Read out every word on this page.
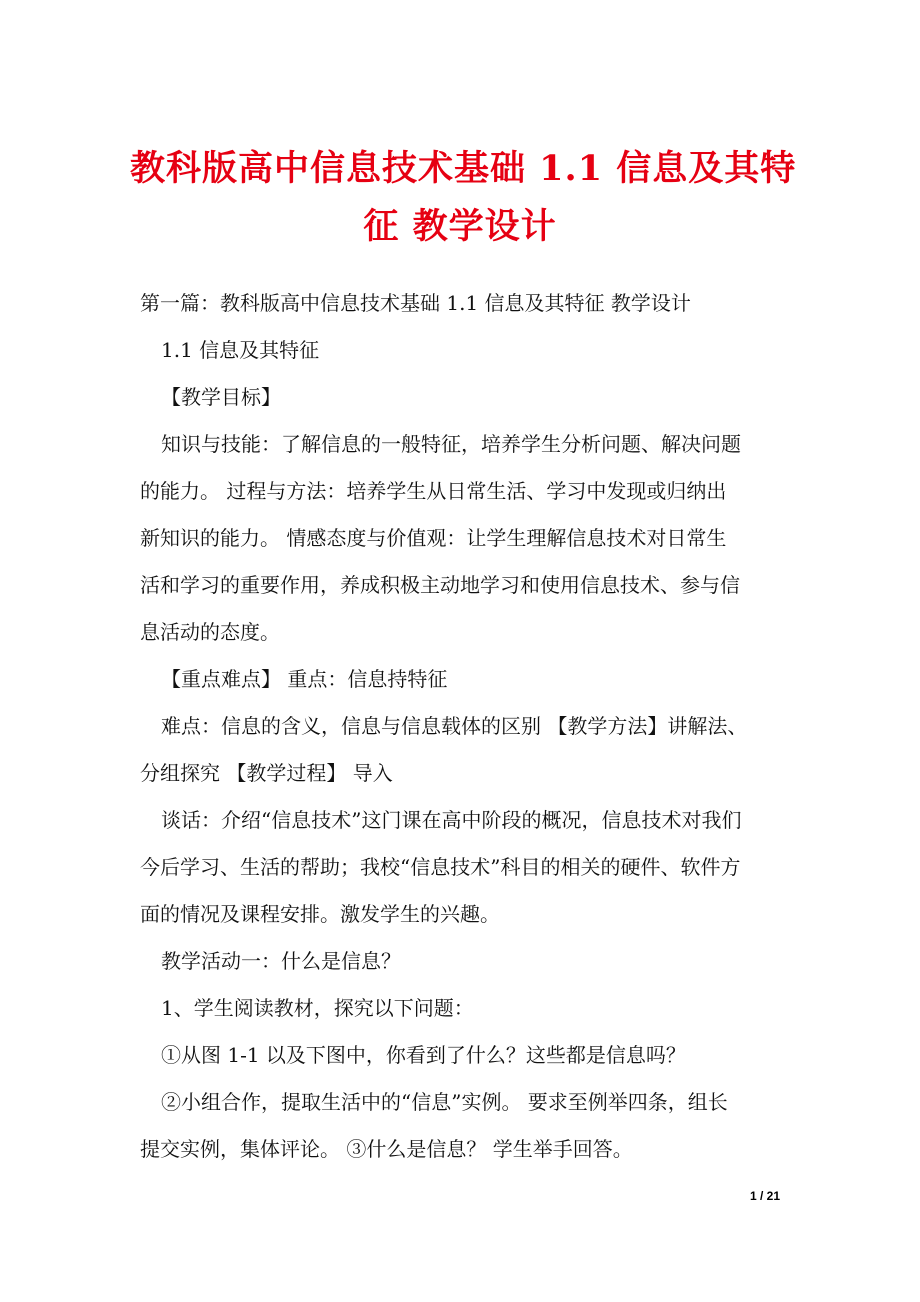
教科版高中信息技术基础 1.1 信息及其特
征 教学设计

第一篇：教科版高中信息技术基础 1.1 信息及其特征 教学设计

1.1 信息及其特征

【教学目标】

知识与技能：了解信息的一般特征，培养学生分析问题、解决问题

的能力。 过程与方法：培养学生从日常生活、学习中发现或归纳出

新知识的能力。 情感态度与价值观：让学生理解信息技术对日常生

活和学习的重要作用，养成积极主动地学习和使用信息技术、参与信

息活动的态度。

【重点难点】 重点：信息持特征

难点：信息的含义，信息与信息载体的区别 【教学方法】讲解法、

分组探究 【教学过程】 导入

谈话：介绍“信息技术”这门课在高中阶段的概况，信息技术对我们

今后学习、生活的帮助；我校“信息技术”科目的相关的硬件、软件方

面的情况及课程安排。激发学生的兴趣。

教学活动一：什么是信息？

1、学生阅读教材，探究以下问题：

①从图 1-1 以及下图中，你看到了什么？这些都是信息吗？

②小组合作，提取生活中的“信息”实例。 要求至例举四条，组长

提交实例，集体评论。 ③什么是信息？ 学生举手回答。

1 / 21
